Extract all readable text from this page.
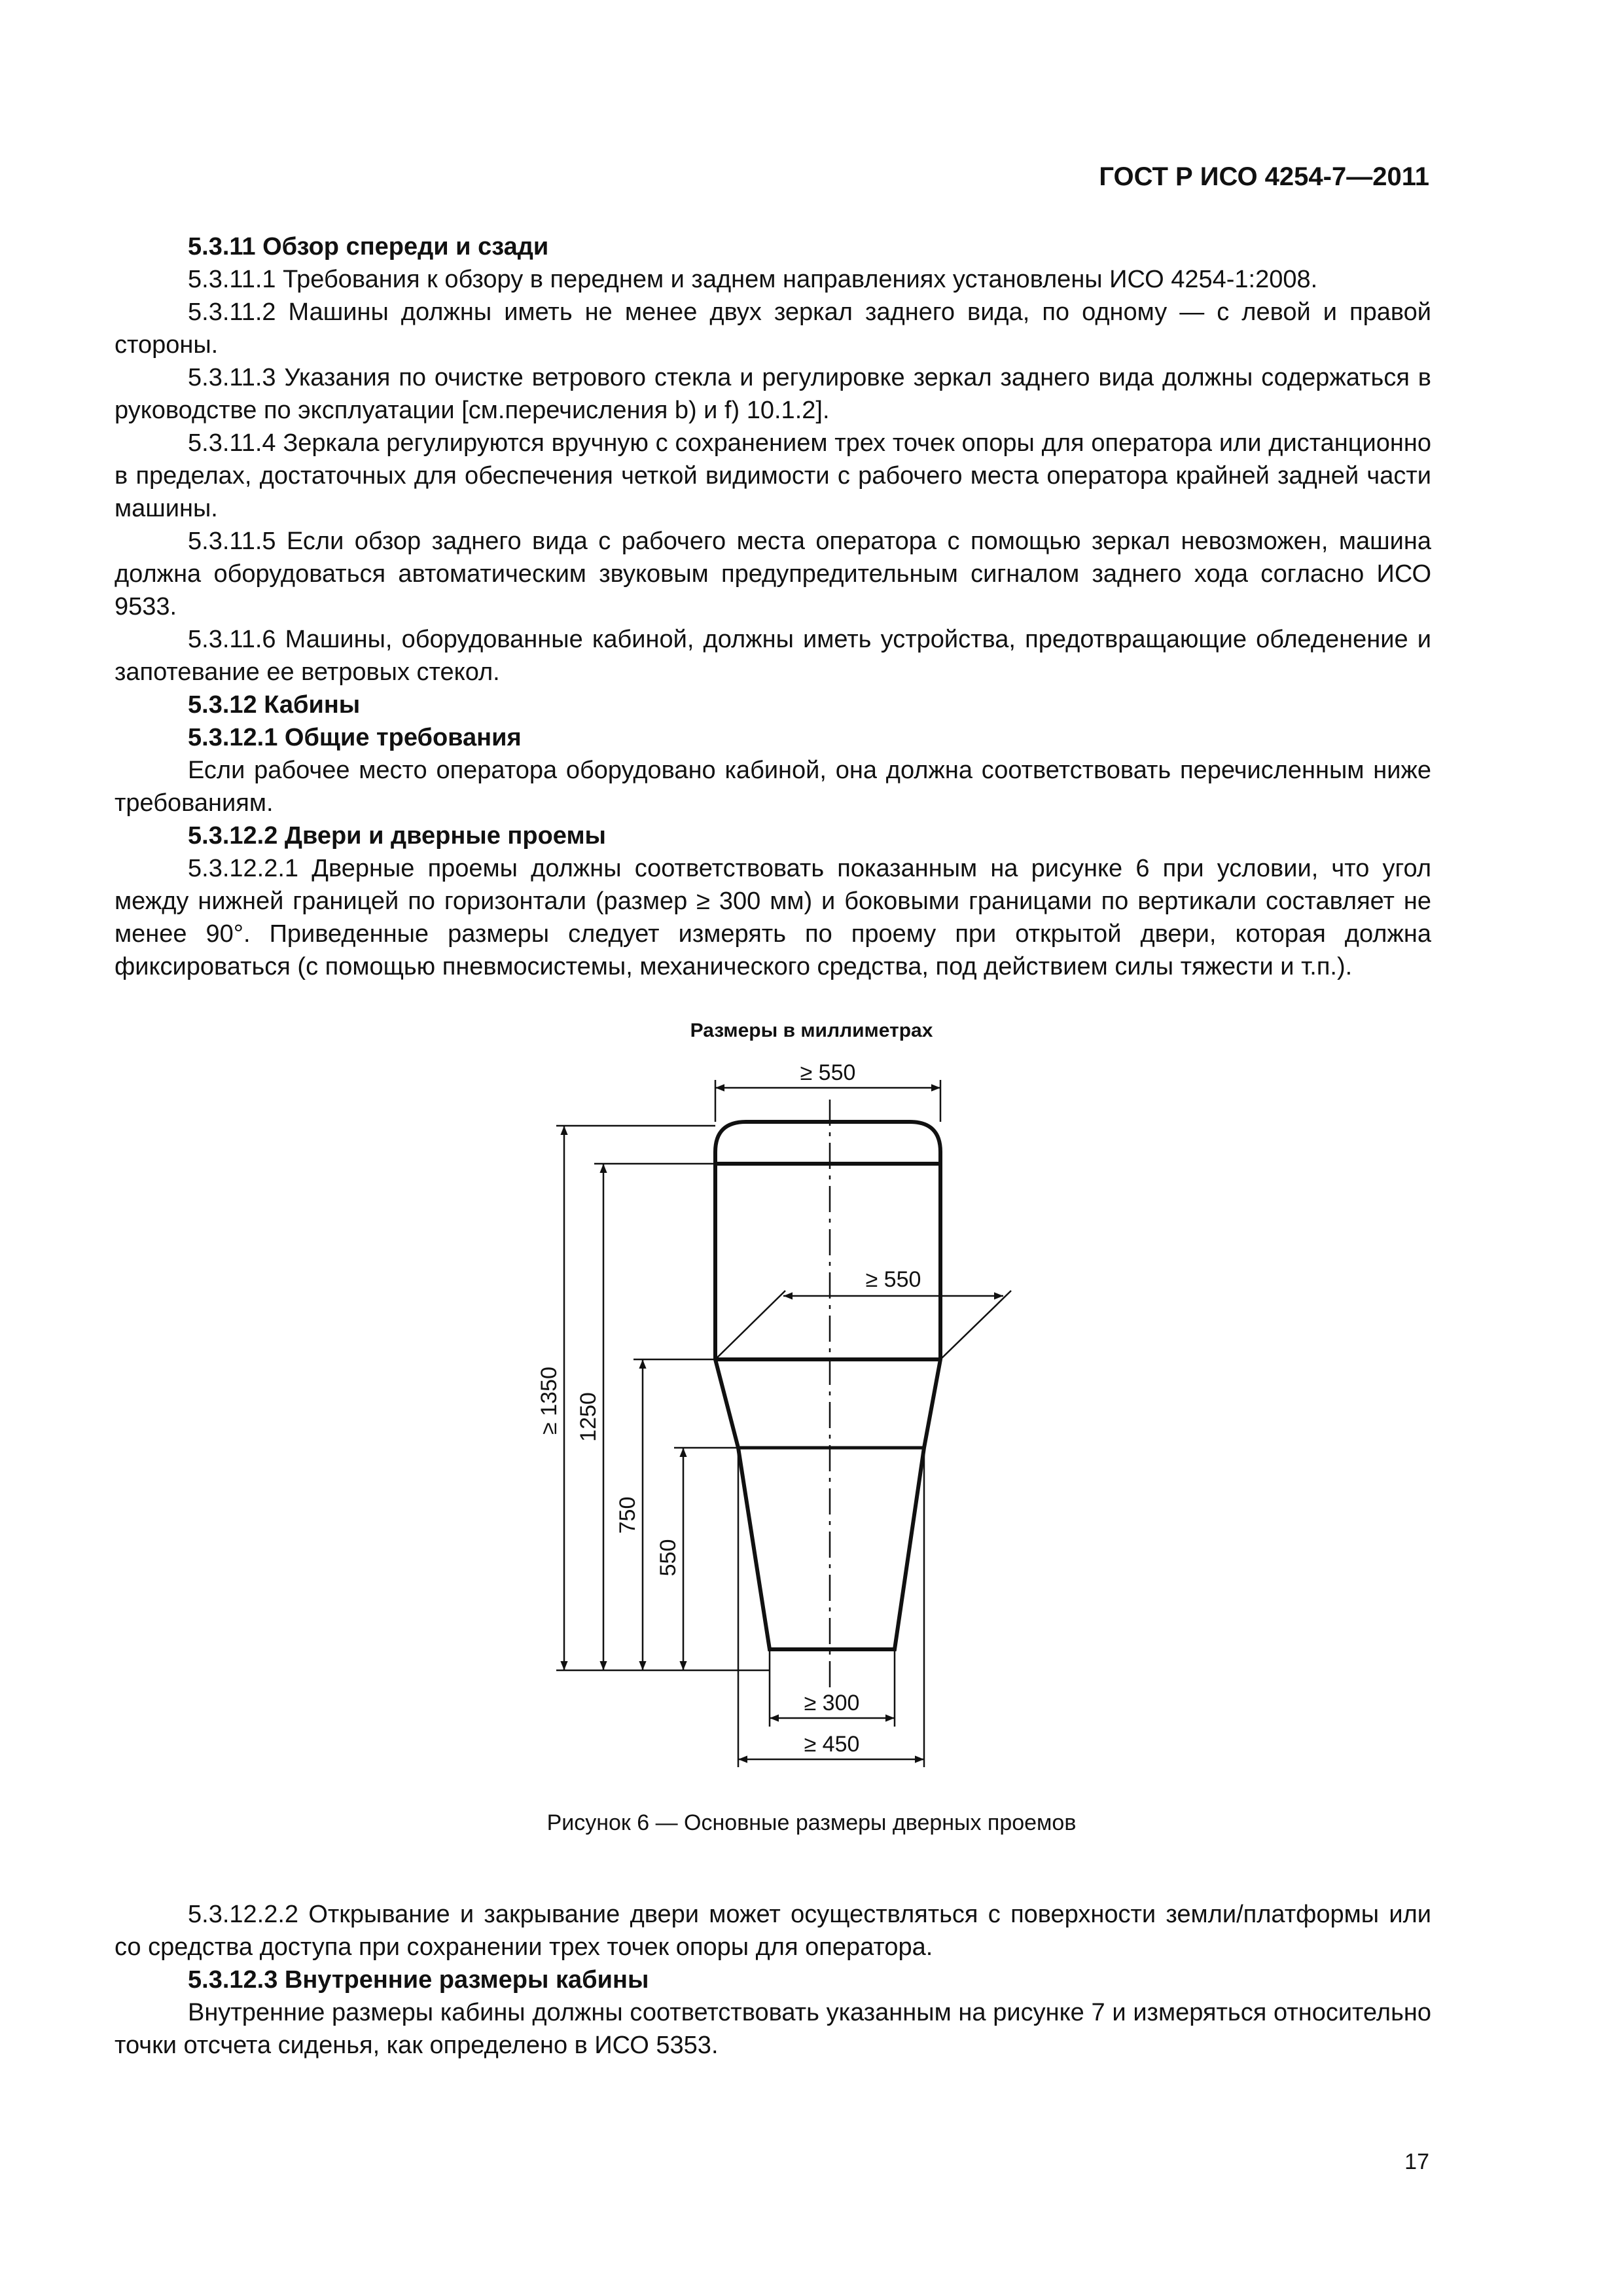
ГОСТ Р ИСО 4254-7—2011
5.3.11 Обзор спереди и сзади

5.3.11.1 Требования к обзору в переднем и заднем направлениях установлены ИСО 4254-1:2008.

5.3.11.2 Машины должны иметь не менее двух зеркал заднего вида, по одному — с левой и правой стороны.

5.3.11.3 Указания по очистке ветрового стекла и регулировке зеркал заднего вида должны содержаться в руководстве по эксплуатации [см.перечисления b) и f) 10.1.2].

5.3.11.4 Зеркала регулируются вручную с сохранением трех точек опоры для оператора или дистанционно в пределах, достаточных для обеспечения четкой видимости с рабочего места оператора крайней задней части машины.

5.3.11.5 Если обзор заднего вида с рабочего места оператора с помощью зеркал невозможен, машина должна оборудоваться автоматическим звуковым предупредительным сигналом заднего хода согласно ИСО 9533.

5.3.11.6 Машины, оборудованные кабиной, должны иметь устройства, предотвращающие обледенение и запотевание ее ветровых стекол.

5.3.12 Кабины
5.3.12.1 Общие требования

Если рабочее место оператора оборудовано кабиной, она должна соответствовать перечисленным ниже требованиям.

5.3.12.2 Двери и дверные проемы

5.3.12.2.1 Дверные проемы должны соответствовать показанным на рисунке 6 при условии, что угол между нижней границей по горизонтали (размер ≥ 300 мм) и боковыми границами по вертикали составляет не менее 90°. Приведенные размеры следует измерять по проему при открытой двери, которая должна фиксироваться (с помощью пневмосистемы, механического средства, под действием силы тяжести и т.п.).

Размеры в миллиметрах
≥ 550
≥ 550
≥ 300
≥ 450
≥ 1350 1250
750
550
Рисунок 6 — Основные размеры дверных проемов

5.3.12.2.2 Открывание и закрывание двери может осуществляться с поверхности земли/платформы или со средства доступа при сохранении трех точек опоры для оператора.

5.3.12.3 Внутренние размеры кабины

Внутренние размеры кабины должны соответствовать указанным на рисунке 7 и измеряться относительно точки отсчета сиденья, как определено в ИСО 5353.

17
